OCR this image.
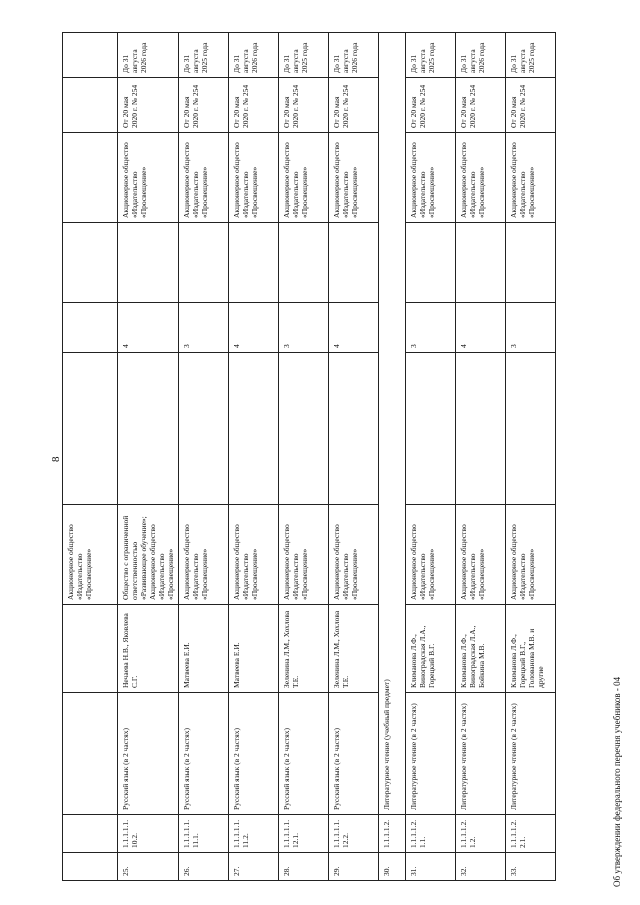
8
				Акционерное общество «Издательство «Просвещение»						
25.	1.1.1.1.1.10.2.	Русский язык (в 2 частях)	Нечаева Н.В., Яковлева С.Г.	Общество с ограниченной ответственностью «Развивающее обучение»; Акционерное общество «Издательство «Просвещение»		4		Акционерное общество «Издательство «Просвещение»	От 20 мая 2020 г. № 254	До 31 августа 2026 года
26.	1.1.1.1.1.11.1.	Русский язык (в 2 частях)	Матвеева Е.И.	Акционерное общество «Издательство «Просвещение»		3		Акционерное общество «Издательство «Просвещение»	От 20 мая 2020 г. № 254	До 31 августа 2025 года
27.	1.1.1.1.1.11.2.	Русский язык (в 2 частях)	Матвеева Е.И.	Акционерное общество «Издательство «Просвещение»		4		Акционерное общество «Издательство «Просвещение»	От 20 мая 2020 г. № 254	До 31 августа 2026 года
28.	1.1.1.1.1.12.1.	Русский язык (в 2 частях)	Зеленина Л.М., Хохлова Т.Е.	Акционерное общество «Издательство «Просвещение»		3		Акционерное общество «Издательство «Просвещение»	От 20 мая 2020 г. № 254	До 31 августа 2025 года
29.	1.1.1.1.1.12.2.	Русский язык (в 2 частях)	Зеленина Л.М., Хохлова Т.Е.	Акционерное общество «Издательство «Просвещение»		4		Акционерное общество «Издательство «Просвещение»	От 20 мая 2020 г. № 254	До 31 августа 2026 года
30.	1.1.1.1.2.	Литературное чтение (учебный предмет)								
31.	1.1.1.1.2.1.1.	Литературное чтение (в 2 частях)	Климанова Л.Ф., Виноградская Л.А., Горецкий В.Г.	Акционерное общество «Издательство «Просвещение»		3		Акционерное общество «Издательство «Просвещение»	От 20 мая 2020 г. № 254	До 31 августа 2025 года
32.	1.1.1.1.2.1.2.	Литературное чтение (в 2 частях)	Климанова Л.Ф., Виноградская Л.А., Бойкина М.В.	Акционерное общество «Издательство «Просвещение»		4		Акционерное общество «Издательство «Просвещение»	От 20 мая 2020 г. № 254	До 31 августа 2026 года
33.	1.1.1.1.2.2.1.	Литературное чтение (в 2 частях)	Климанова Л.Ф., Горецкий В.Г., Голованова М.В. и другие	Акционерное общество «Издательство «Просвещение»		3		Акционерное общество «Издательство «Просвещение»	От 20 мая 2020 г. № 254	До 31 августа 2025 года
Об утверждении федерального перечня учебников - 04
